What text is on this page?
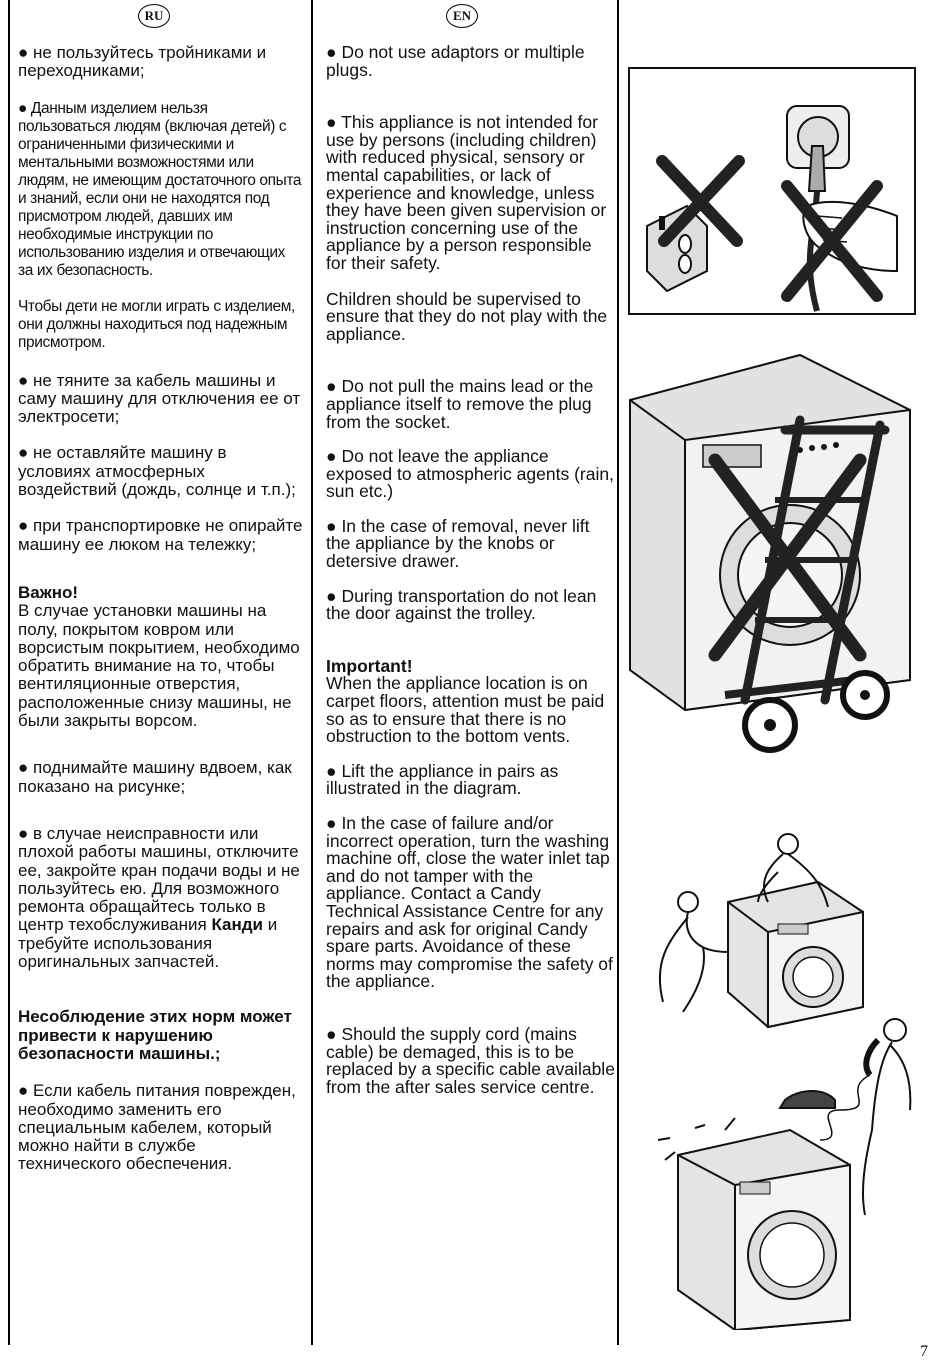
RU	EN

● не пользуйтесь тройниками и переходниками;

● Данным изделием нельзя пользоваться людям (включая детей) с ограниченными физическими и ментальными возможностями или людям, не имеющим достаточного опыта и знаний, если они не находятся под присмотром людей, давших им необходимые инструкции по использованию изделия и отвечающих за их безопасность.

Чтобы дети не могли играть с изделием, они должны находиться под надежным присмотром.

● не тяните за кабель машины и саму машину для отключения ее от электросети;

● не оставляйте машину в условиях атмосферных воздействий (дождь, солнце и т.п.);

● при транспортировке не опирайте машину ее люком на тележку;

Важно!

В случае установки машины на полу, покрытом ковром или ворсистым покрытием, необходимо обратить внимание на то, чтобы вентиляционные отверстия, расположенные снизу машины, не были закрыты ворсом.

● поднимайте машину вдвоем, как показано на рисунке;

● в случае неисправности или плохой работы машины, отключите ее, закройте кран подачи воды и не пользуйтесь ею. Для возможного ремонта обращайтесь только в центр техобслуживания Канди и требуйте использования оригинальных запчастей.

Несоблюдение этих норм может привести к нарушению безопасности машины.;

● Если кабель питания поврежден, необходимо заменить его специальным кабелем, который можно найти в службе технического обеспечения.

● Do not use adaptors or multiple plugs.

● This appliance is not intended for use by persons (including children) with reduced physical, sensory or mental capabilities, or lack of experience and knowledge, unless they have been given supervision or instruction concerning use of the appliance by a person responsible for their safety.

Children should be supervised to ensure that they do not play with the appliance.

● Do not pull the mains lead or the appliance itself to remove the plug from the socket.

● Do not leave the appliance exposed to atmospheric agents (rain, sun etc.)

● In the case of removal, never lift the appliance by the knobs or detersive drawer.

● During transportation do not lean the door against the trolley.

Important!

When the appliance location is on carpet floors, attention must be paid so as to ensure that there is no obstruction to the bottom vents.

● Lift the appliance in pairs as illustrated in the diagram.

● In the case of failure and/or incorrect operation, turn the washing machine off, close the water inlet tap and do not tamper with the appliance. Contact a Candy Technical Assistance Centre for any repairs and ask for original Candy spare parts. Avoidance of these norms may compromise the safety of the appliance.

● Should the supply cord (mains cable) be demaged, this is to be replaced by a specific cable available from the after sales service centre.

7
